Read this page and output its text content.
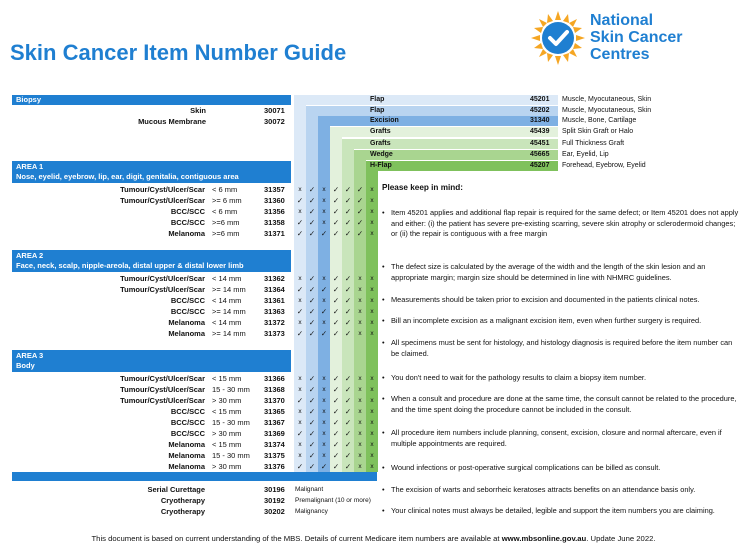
Skin Cancer Item Number Guide
National
Skin Cancer
Centres
Flap	45201 Muscle, Myocutaneous, Skin
Flap	45202 Muscle, Myocutaneous, Skin
Excision	31340 Muscle, Bone, Cartilage
Grafts	45439 Split Skin Graft or Halo
Grafts	45451 Full Thickness Graft
Wedge	45665 Ear, Eyelid, Lip
H-Flap	45207 Forehead, Eyebrow, Eyelid
Biopsy
Skin	30071
Mucous Membrane	30072
AREA 1
Nose, eyelid, eyebrow, lip, ear, digit, genitalia, contiguous area
Tumour/Cyst/Ulcer/Scar < 6 mm	31357	x ✓	x ✓ ✓ ✓	x
Tumour/Cyst/Ulcer/Scar >= 6 mm	31360 ✓ ✓	x ✓ ✓ ✓	x
BCC/SCC < 6 mm	31356	x ✓	x ✓ ✓ ✓	x
BCC/SCC >=6 mm	31358 ✓ ✓	x ✓ ✓ ✓	x
Melanoma >=6 mm	31371 ✓ ✓ ✓ ✓ ✓ ✓	x
AREA 2
Face, neck, scalp, nipple-areola, distal upper & distal lower limb
Tumour/Cyst/Ulcer/Scar < 14 mm	31362	x ✓	x ✓ ✓	x	x
Tumour/Cyst/Ulcer/Scar >= 14 mm 31364 ✓ ✓ ✓ ✓ ✓	x	x
BCC/SCC < 14 mm	31361	x ✓	x ✓ ✓	x	x
BCC/SCC >= 14 mm 31363 ✓ ✓ ✓ ✓ ✓	x	x
Melanoma < 14 mm	31372	x ✓	x ✓ ✓	x	x
Melanoma >= 14 mm 31373 ✓ ✓ ✓ ✓ ✓	x	x
AREA 3
Body
Tumour/Cyst/Ulcer/Scar < 15 mm	31366	x ✓	x ✓ ✓	x	x
Tumour/Cyst/Ulcer/Scar 15 - 30 mm 31368	x ✓	x ✓ ✓	x	x
Tumour/Cyst/Ulcer/Scar > 30 mm	31370 ✓ ✓	x ✓ ✓	x	x
BCC/SCC < 15 mm	31365	x ✓	x ✓ ✓	x	x
BCC/SCC 15 - 30 mm 31367	x ✓	x ✓ ✓	x	x
BCC/SCC > 30 mm	31369 ✓ ✓	x ✓ ✓	x	x
Melanoma < 15 mm	31374	x ✓	x ✓ ✓	x	x
Melanoma 15 - 30 mm 31375	x ✓	x ✓ ✓	x	x
Melanoma > 30 mm	31376 ✓ ✓ ✓ ✓ ✓	x	x
Serial Curettage	30196 Malignant
Cryotherapy	30192 Premalignant (10 or more)
Cryotherapy	30202 Malignancy
Please keep in mind:
• Item 45201 applies and additional flap repair is required for the same defect; or Item 45201 does not apply and either: (i) the patient has severe pre-existing scarring, severe skin atrophy or sclerodermoid changes; or (ii) the repair is contiguous with a free margin
• The defect size is calculated by the average of the width and the length of the skin lesion and an appropriate margin; margin size should be determined in line with NHMRC guidelines.
• Measurements should be taken prior to excision and documented in the patients clinical notes.
• Bill an incomplete excision as a malignant excision item, even when further surgery is required.
• All specimens must be sent for histology, and histology diagnosis is required before the item number can be claimed.
• You don't need to wait for the pathology results to claim a biopsy item number.
• When a consult and procedure are done at the same time, the consult cannot be related to the procedure, and the time spent doing the procedure cannot be included in the consult.
• All procedure item numbers include planning, consent, excision, closure and normal aftercare, even if multiple appointments are required.
• Wound infections or post-operative surgical complications can be billed as consult.
• The excision of warts and seborrheic keratoses attracts benefits on an attendance basis only.
• Your clinical notes must always be detailed, legible and support the item numbers you are claiming.
This document is based on current understanding of the MBS. Details of current Medicare item numbers are available at www.mbsonline.gov.au. Update June 2022.
